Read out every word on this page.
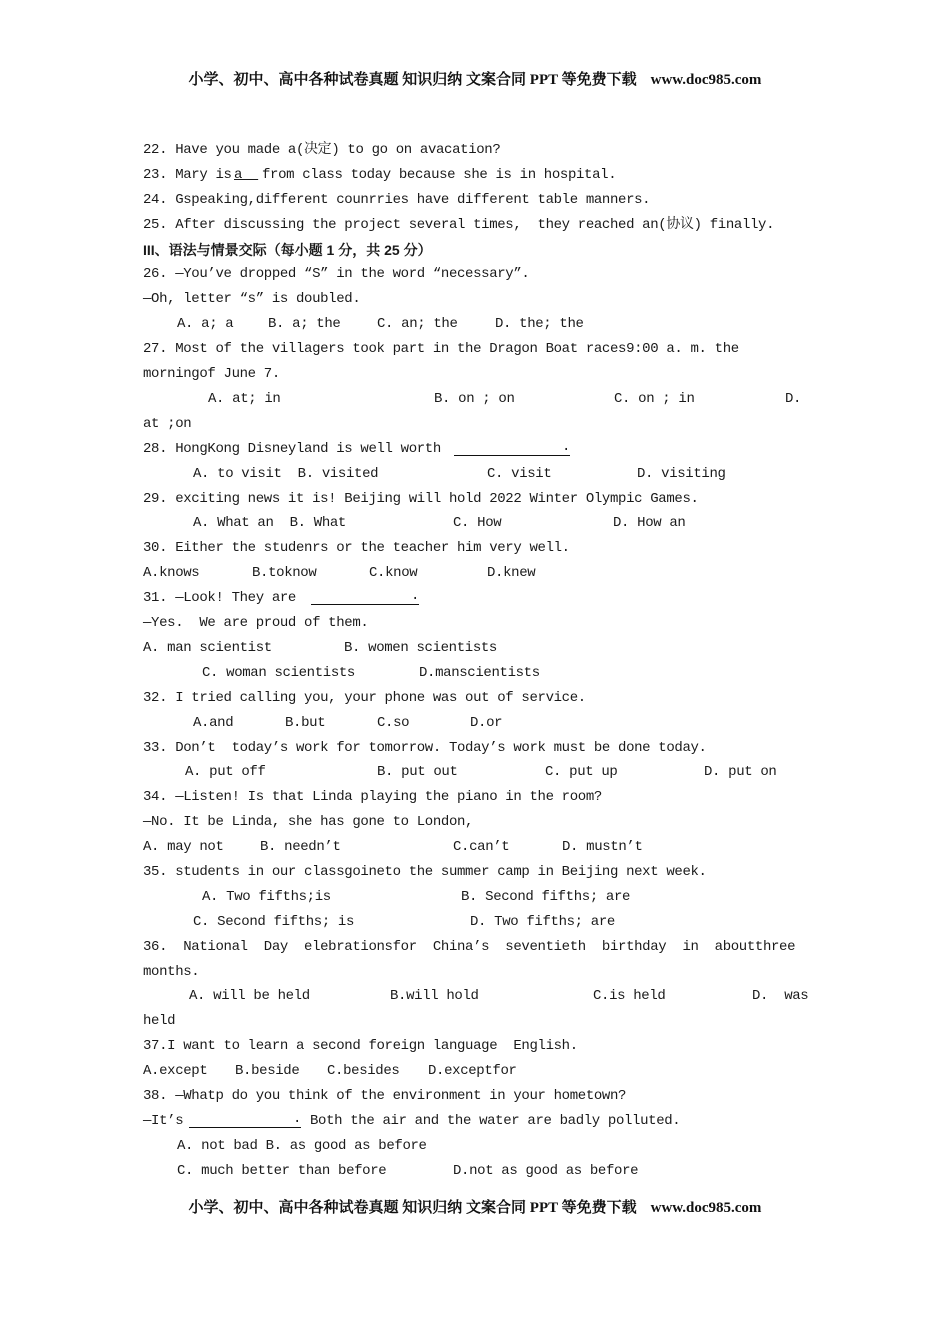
小学、初中、高中各种试卷真题 知识归纳 文案合同 PPT 等免费下载 www.doc985.com
22. Have you made a(决定) to go on avacation?
23. Mary is a from class today because she is in hospital.
24. Gspeaking,different counrries have different table manners.
25. After discussing the project several times,  they reached an(协议) finally.
III、语法与情景交际（每小题 1 分，共 25 分）
26. —You’ve dropped “S” in the word “necessary”.
—Oh, letter “s” is doubled.
A. a; a B. a; the	C. an; the	D. the; the
27. Most of the villagers took part in the Dragon Boat races9:00 a. m. the
morningof June 7.
A. at; in	B. on ; on	C. on ; in	D.
at ;on
28. HongKong Disneyland is well worth	.
A. to visit  B. visited	C. visit	D. visiting
29. exciting news it is! Beijing will hold 2022 Winter Olympic Games.
A. What an  B. What	C. How	D. How an
30. Either the studenrs or the teacher him very well.
A.knows	B.toknow	C.know	D.knew
31. —Look! They are	.
—Yes.  We are proud of them.
A. man scientist	B. women scientists
C. woman scientists	D.manscientists
32. I tried calling you, your phone was out of service.
A.and	B.but	C.so	D.or
33. Don’t  today’s work for tomorrow. Today’s work must be done today.
A. put off	B. put out	C. put up	D. put on
34. —Listen! Is that Linda playing the piano in the room?
—No. It be Linda, she has gone to London,
A. may not	B. needn’t	C.can’t	D. mustn’t
35. students in our classgoineto the summer camp in Beijing next week.
A. Two fifths;is	B. Second fifths; are
C. Second fifths; is	D. Two fifths; are
36.  National  Day  elebrationsfor  China’s  seventieth  birthday  in  aboutthree
months.
A. will be held	B.will hold	C.is held	D.  was
held
37.I want to learn a second foreign language  English.
A.except B.beside C.besides D.exceptfor
38. —Whatp do you think of the environment in your hometown?
—It’s	. Both the air and the water are badly polluted.
A. not bad B. as good as before
C. much better than before	D.not as good as before
小学、初中、高中各种试卷真题 知识归纳 文案合同 PPT 等免费下载 www.doc985.com
